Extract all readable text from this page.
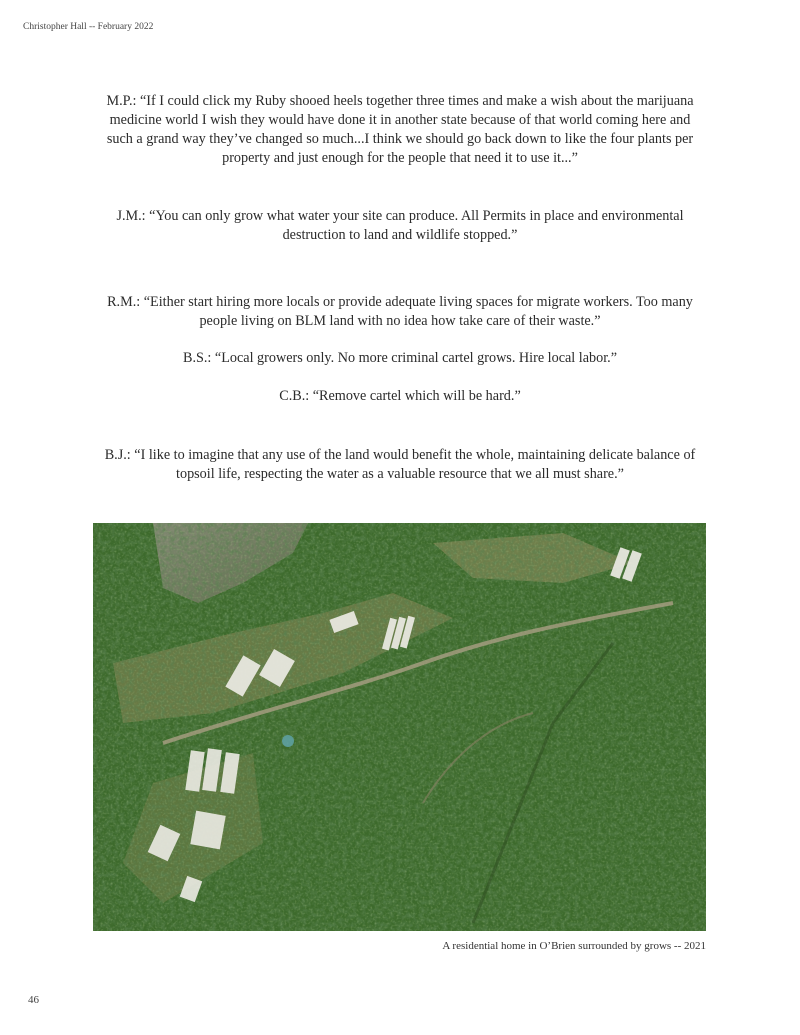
Christopher Hall -- February 2022

M.P.: “If I could click my Ruby shooed heels together three times and make a wish about the marijuana medicine world I wish they would have done it in another state because of that world coming here and such a grand way they’ve changed so much...I think we should go back down to like the four plants per property and just enough for the people that need it to use it...”

J.M.: “You can only grow what water your site can produce. All Permits in place and environmental destruction to land and wildlife stopped.”

R.M.: “Either start hiring more locals or provide adequate living spaces for migrate workers. Too many people living on BLM land with no idea how take care of their waste.”

B.S.: “Local growers only. No more criminal cartel grows. Hire local labor.”

C.B.: “Remove cartel which will be hard.”

B.J.: “I like to imagine that any use of the land would benefit the whole, maintaining delicate balance of topsoil life, respecting the water as a valuable resource that we all must share.”

A residential home in O’Brien surrounded by grows -- 2021
46
